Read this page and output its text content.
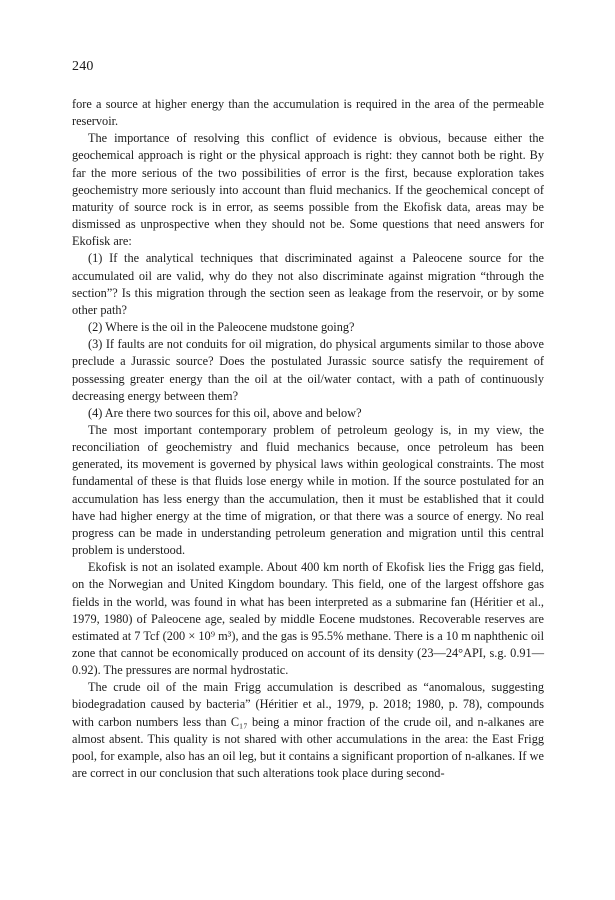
240

fore a source at higher energy than the accumulation is required in the area of the permeable reservoir.

The importance of resolving this conflict of evidence is obvious, because either the geochemical approach is right or the physical approach is right: they cannot both be right. By far the more serious of the two possibilities of error is the first, because exploration takes geochemistry more seriously into account than fluid mechanics. If the geochemical concept of maturity of source rock is in error, as seems possible from the Ekofisk data, areas may be dismissed as unprospective when they should not be. Some questions that need answers for Ekofisk are:

(1) If the analytical techniques that discriminated against a Paleocene source for the accumulated oil are valid, why do they not also discriminate against migration “through the section”? Is this migration through the section seen as leakage from the reservoir, or by some other path?

(2) Where is the oil in the Paleocene mudstone going?

(3) If faults are not conduits for oil migration, do physical arguments similar to those above preclude a Jurassic source? Does the postulated Jurassic source satisfy the requirement of possessing greater energy than the oil at the oil/water contact, with a path of continuously decreasing energy between them?

(4) Are there two sources for this oil, above and below?

The most important contemporary problem of petroleum geology is, in my view, the reconciliation of geochemistry and fluid mechanics because, once petroleum has been generated, its movement is governed by physical laws within geological constraints. The most fundamental of these is that fluids lose energy while in motion. If the source postulated for an accumulation has less energy than the accumulation, then it must be established that it could have had higher energy at the time of migration, or that there was a source of energy. No real progress can be made in understanding petroleum generation and migration until this central problem is understood.

Ekofisk is not an isolated example. About 400 km north of Ekofisk lies the Frigg gas field, on the Norwegian and United Kingdom boundary. This field, one of the largest offshore gas fields in the world, was found in what has been interpreted as a submarine fan (Héritier et al., 1979, 1980) of Paleocene age, sealed by middle Eocene mudstones. Recoverable reserves are estimated at 7 Tcf (200 × 10⁹ m³), and the gas is 95.5% methane. There is a 10 m naphthenic oil zone that cannot be economically produced on account of its density (23—24°API, s.g. 0.91—0.92). The pressures are normal hydrostatic.

The crude oil of the main Frigg accumulation is described as “anomalous, suggesting biodegradation caused by bacteria” (Héritier et al., 1979, p. 2018; 1980, p. 78), compounds with carbon numbers less than C₁₇ being a minor fraction of the crude oil, and n-alkanes are almost absent. This quality is not shared with other accumulations in the area: the East Frigg pool, for example, also has an oil leg, but it contains a significant proportion of n-alkanes. If we are correct in our conclusion that such alterations took place during second-
